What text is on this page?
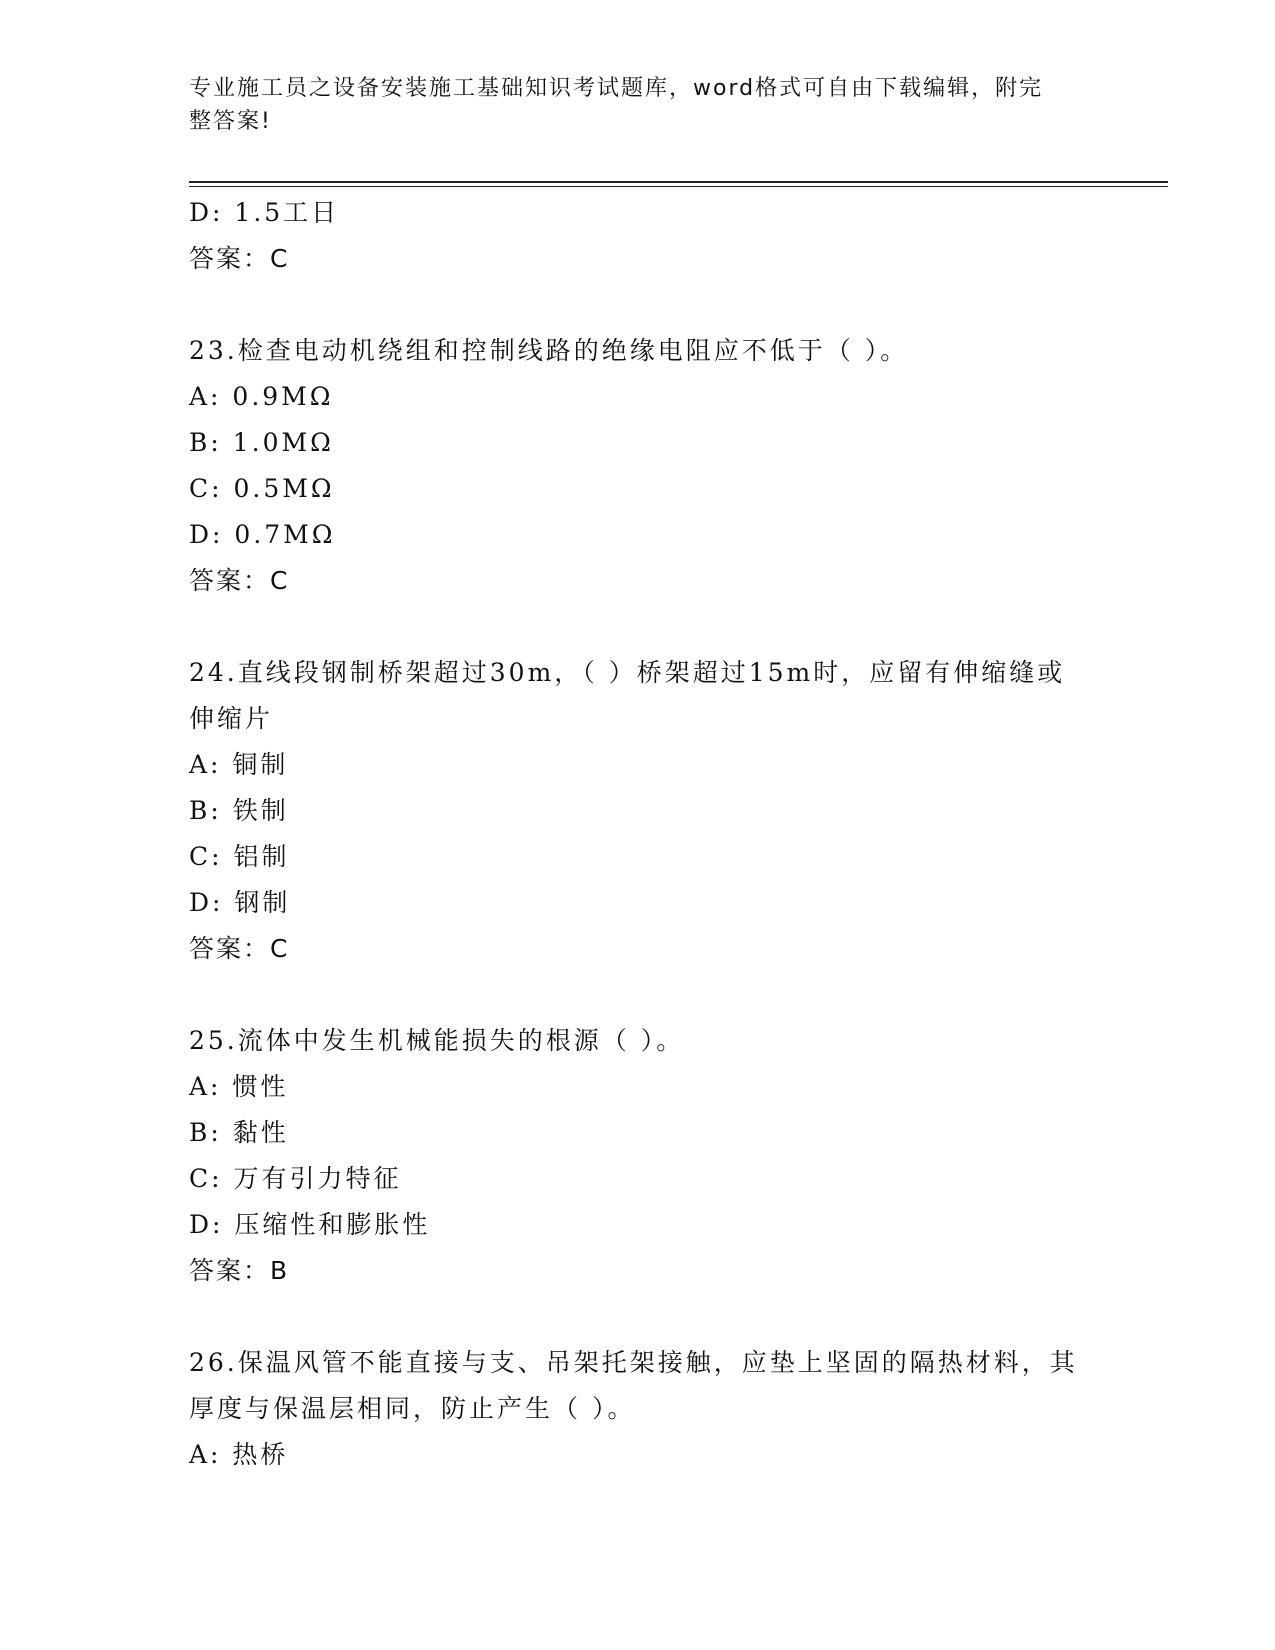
专业施工员之设备安装施工基础知识考试题库，word格式可自由下载编辑，附完
整答案!
D: 1.5工日
答案：C
23.检查电动机绕组和控制线路的绝缘电阻应不低于（ ）。
A: 0.9MΩ
B: 1.0MΩ
C: 0.5MΩ
D: 0.7MΩ
答案：C
24.直线段钢制桥架超过30m，（ ）桥架超过15m时，应留有伸缩缝或伸缩片
A: 铜制
B: 铁制
C: 铝制
D: 钢制
答案：C
25.流体中发生机械能损失的根源（ ）。
A: 惯性
B: 黏性
C: 万有引力特征
D: 压缩性和膨胀性
答案：B
26.保温风管不能直接与支、吊架托架接触，应垫上坚固的隔热材料，其厚度与保温层相同，防止产生（ ）。
A: 热桥
